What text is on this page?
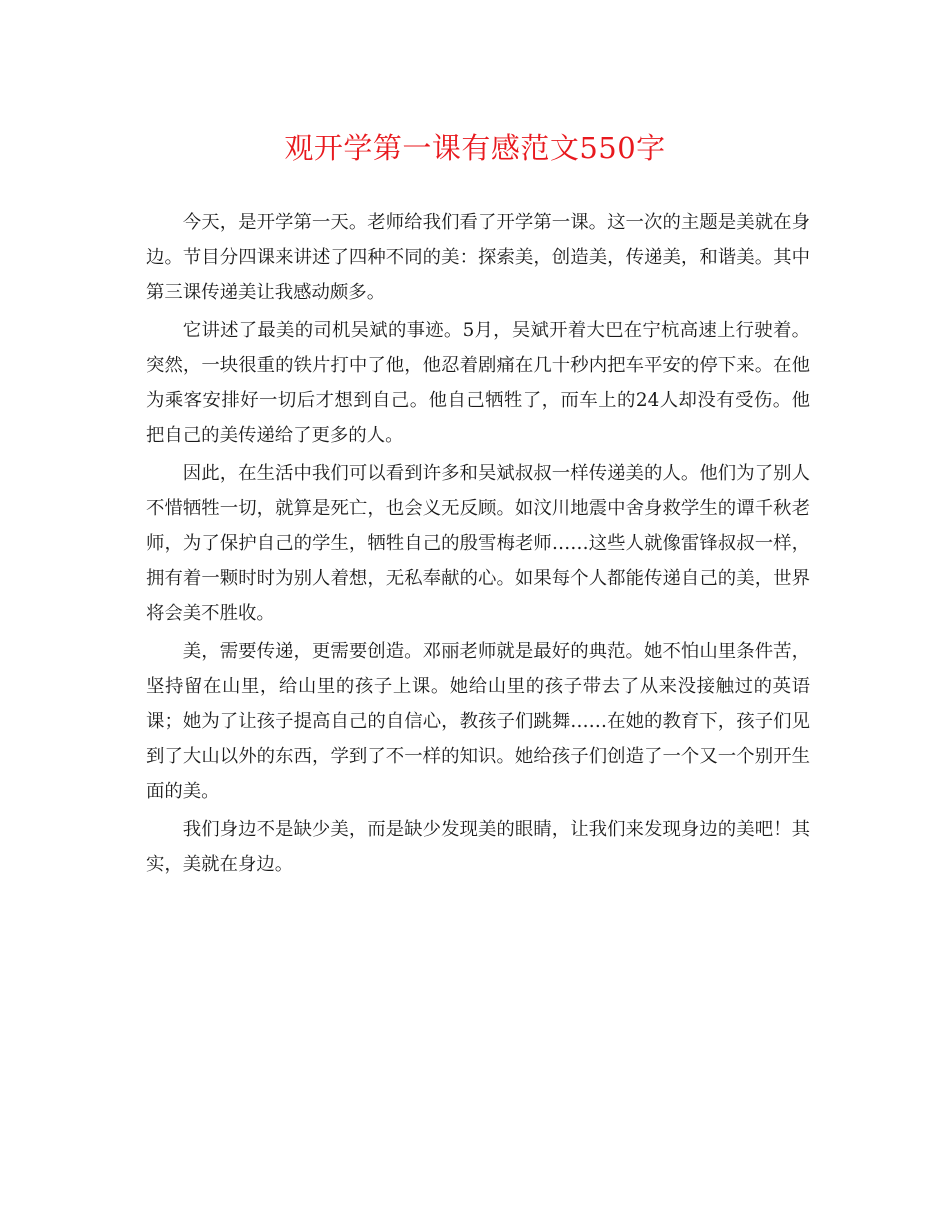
观开学第一课有感范文550字

今天，是开学第一天。老师给我们看了开学第一课。这一次的主题是美就在身边。节目分四课来讲述了四种不同的美：探索美，创造美，传递美，和谐美。其中第三课传递美让我感动颇多。

它讲述了最美的司机吴斌的事迹。5月，吴斌开着大巴在宁杭高速上行驶着。突然，一块很重的铁片打中了他，他忍着剧痛在几十秒内把车平安的停下来。在他为乘客安排好一切后才想到自己。他自己牺牲了，而车上的24人却没有受伤。他把自己的美传递给了更多的人。

因此，在生活中我们可以看到许多和吴斌叔叔一样传递美的人。他们为了别人不惜牺牲一切，就算是死亡，也会义无反顾。如汶川地震中舍身救学生的谭千秋老师，为了保护自己的学生，牺牲自己的殷雪梅老师……这些人就像雷锋叔叔一样，拥有着一颗时时为别人着想，无私奉献的心。如果每个人都能传递自己的美，世界将会美不胜收。

美，需要传递，更需要创造。邓丽老师就是最好的典范。她不怕山里条件苦，坚持留在山里，给山里的孩子上课。她给山里的孩子带去了从来没接触过的英语课；她为了让孩子提高自己的自信心，教孩子们跳舞……在她的教育下，孩子们见到了大山以外的东西，学到了不一样的知识。她给孩子们创造了一个又一个别开生面的美。

我们身边不是缺少美，而是缺少发现美的眼睛，让我们来发现身边的美吧！其实，美就在身边。
